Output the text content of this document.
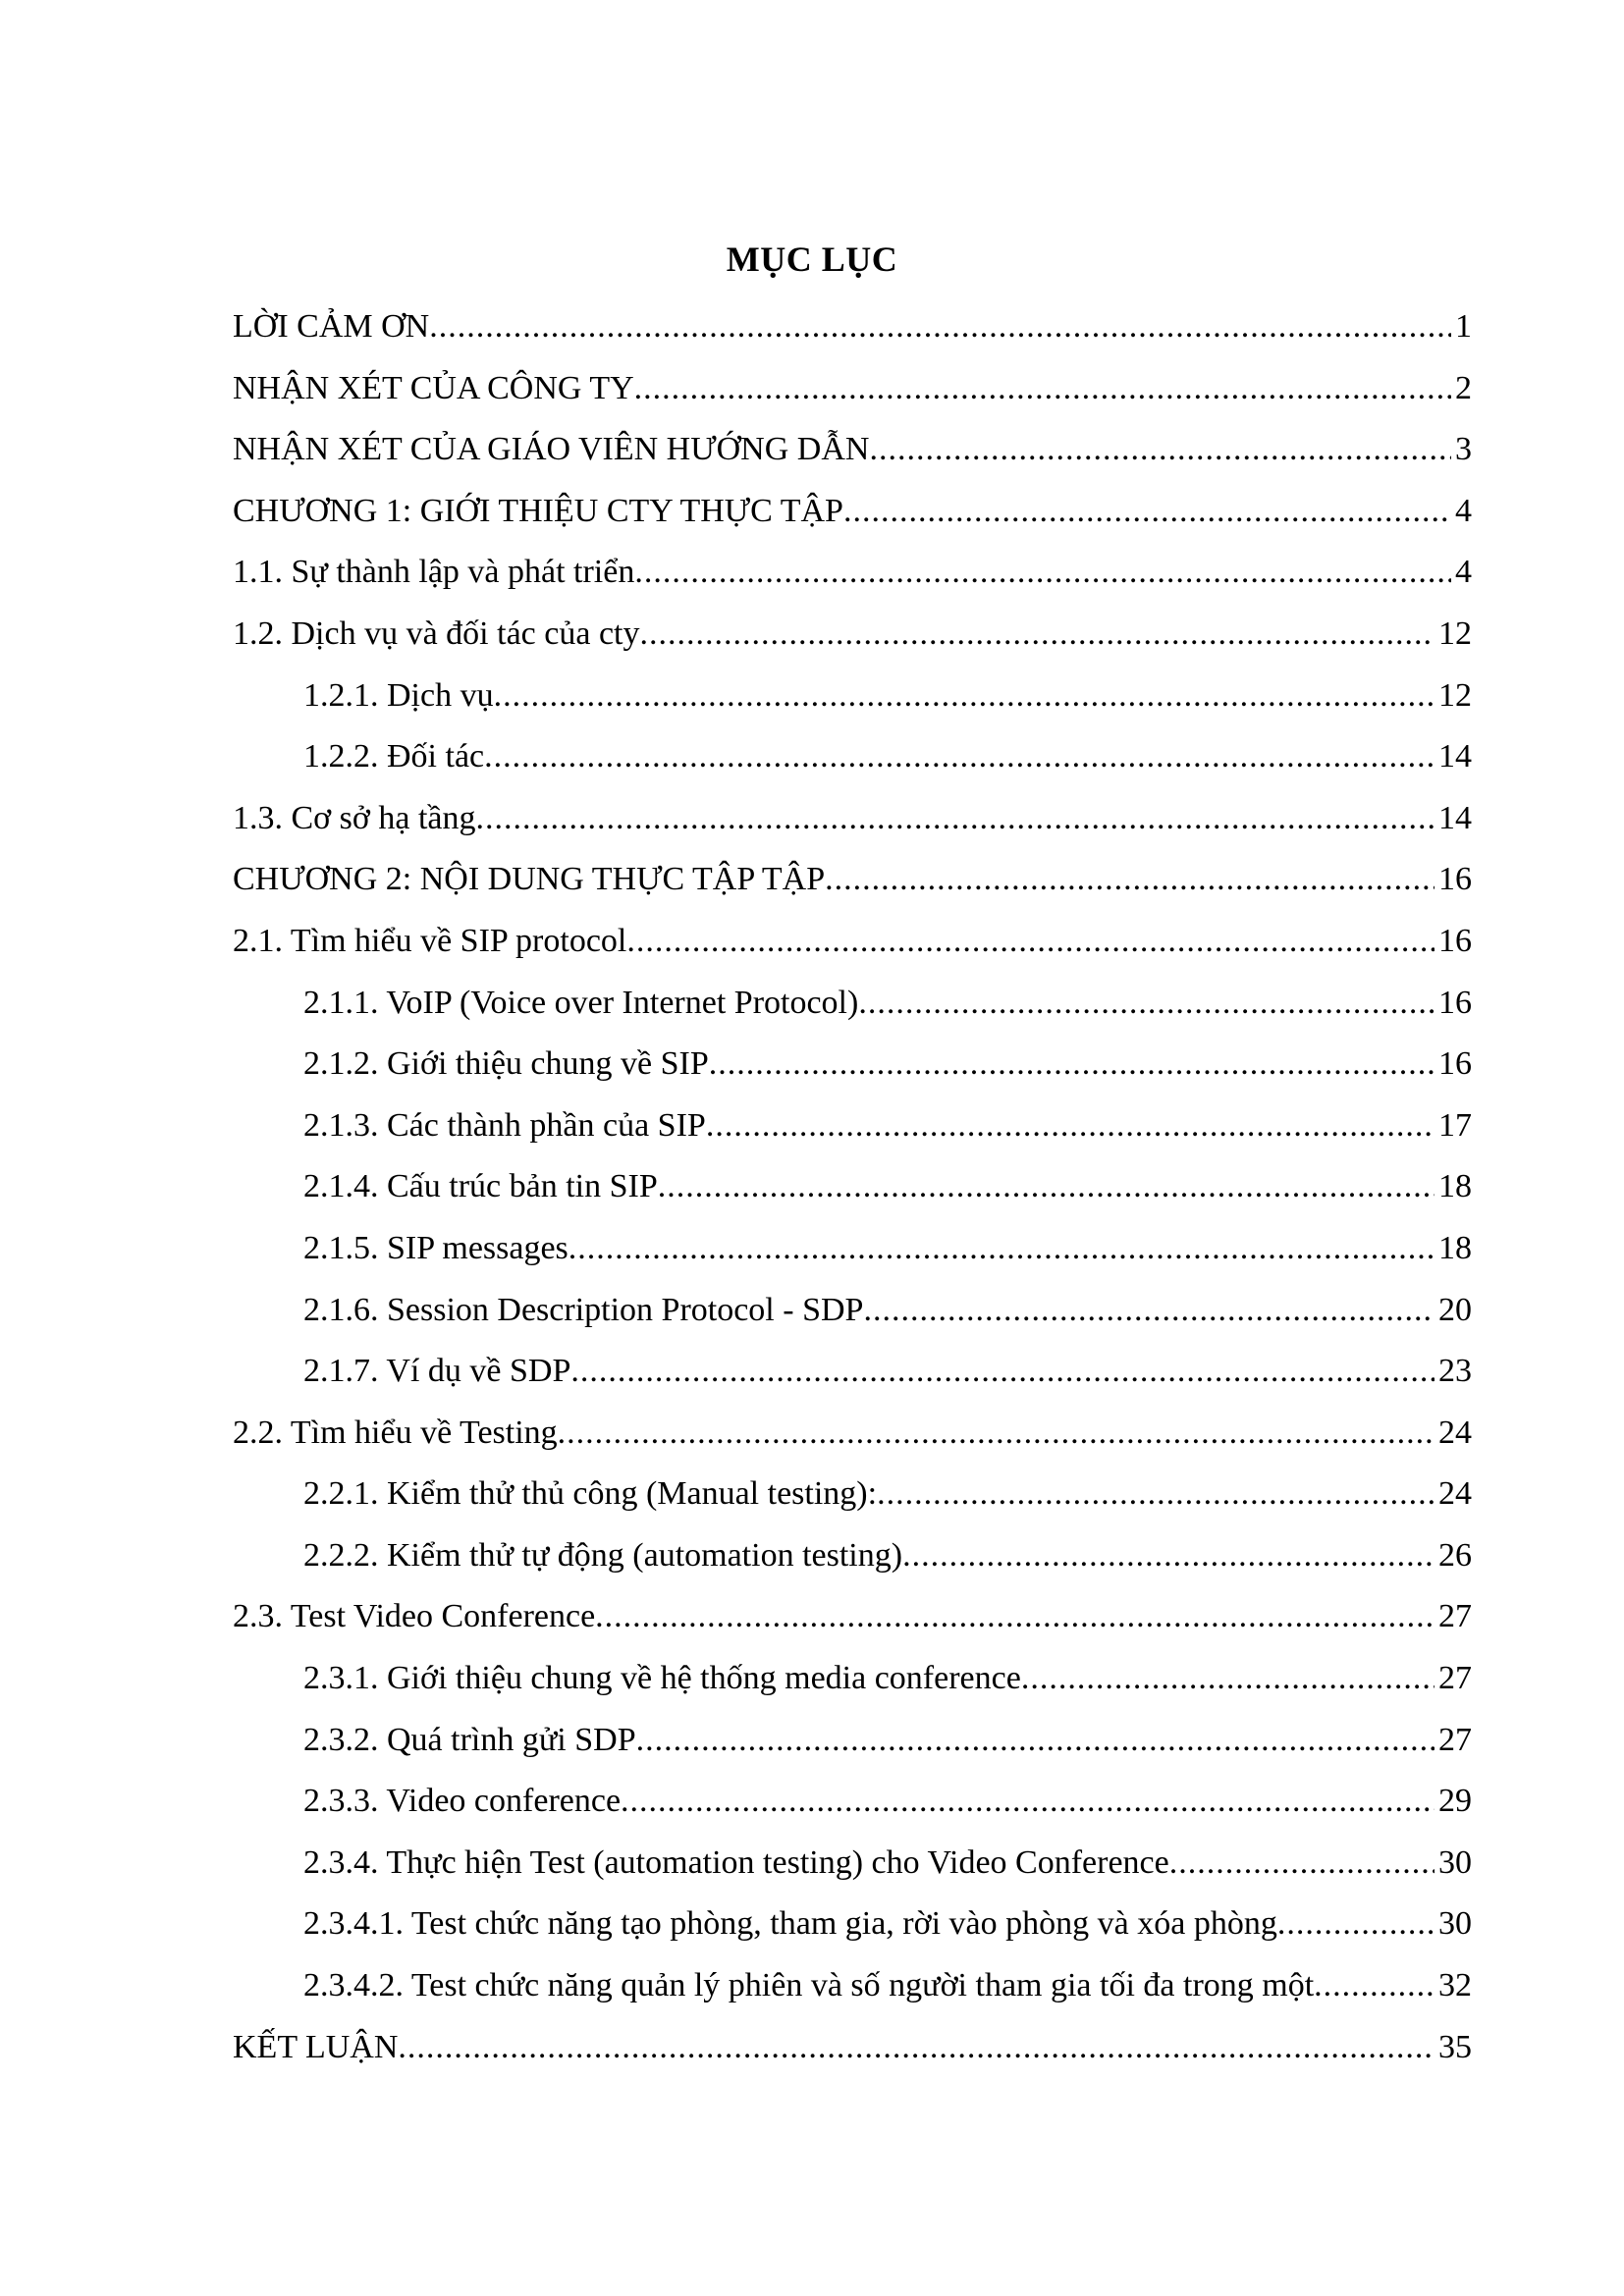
MỤC LỤC
LỜI CẢM ƠN .....	1
NHẬN XÉT CỦA CÔNG TY .....	2
NHẬN XÉT CỦA GIÁO VIÊN HƯỚNG DẪN .....	3
CHƯƠNG 1: GIỚI THIỆU CTY THỰC TẬP .....	4
1.1. Sự thành lập và phát triển .....	4
1.2. Dịch vụ và đối tác của cty .....	12
1.2.1. Dịch vụ .....	12
1.2.2. Đối tác .....	14
1.3. Cơ sở hạ tầng .....	14
CHƯƠNG 2: NỘI DUNG THỰC TẬP TẬP .....	16
2.1. Tìm hiểu về SIP protocol .....	16
2.1.1. VoIP (Voice over Internet Protocol) .....	16
2.1.2. Giới thiệu chung về SIP .....	16
2.1.3. Các thành phần của SIP .....	17
2.1.4. Cấu trúc bản tin SIP .....	18
2.1.5. SIP messages .....	18
2.1.6. Session Description Protocol - SDP .....	20
2.1.7. Ví dụ về SDP .....	23
2.2. Tìm hiểu về Testing .....	24
2.2.1. Kiểm thử thủ công (Manual testing): .....	24
2.2.2. Kiểm thử tự động (automation testing) .....	26
2.3. Test Video Conference .....	27
2.3.1. Giới thiệu chung về hệ thống media conference .....	27
2.3.2. Quá trình gửi SDP .....	27
2.3.3. Video conference .....	29
2.3.4. Thực hiện Test (automation testing) cho Video Conference .....	30
2.3.4.1. Test chức năng tạo phòng, tham gia, rời vào phòng và xóa phòng .....	30
2.3.4.2. Test chức năng quản lý phiên và số người tham gia tối đa trong một .....	32
KẾT LUẬN .....	35
